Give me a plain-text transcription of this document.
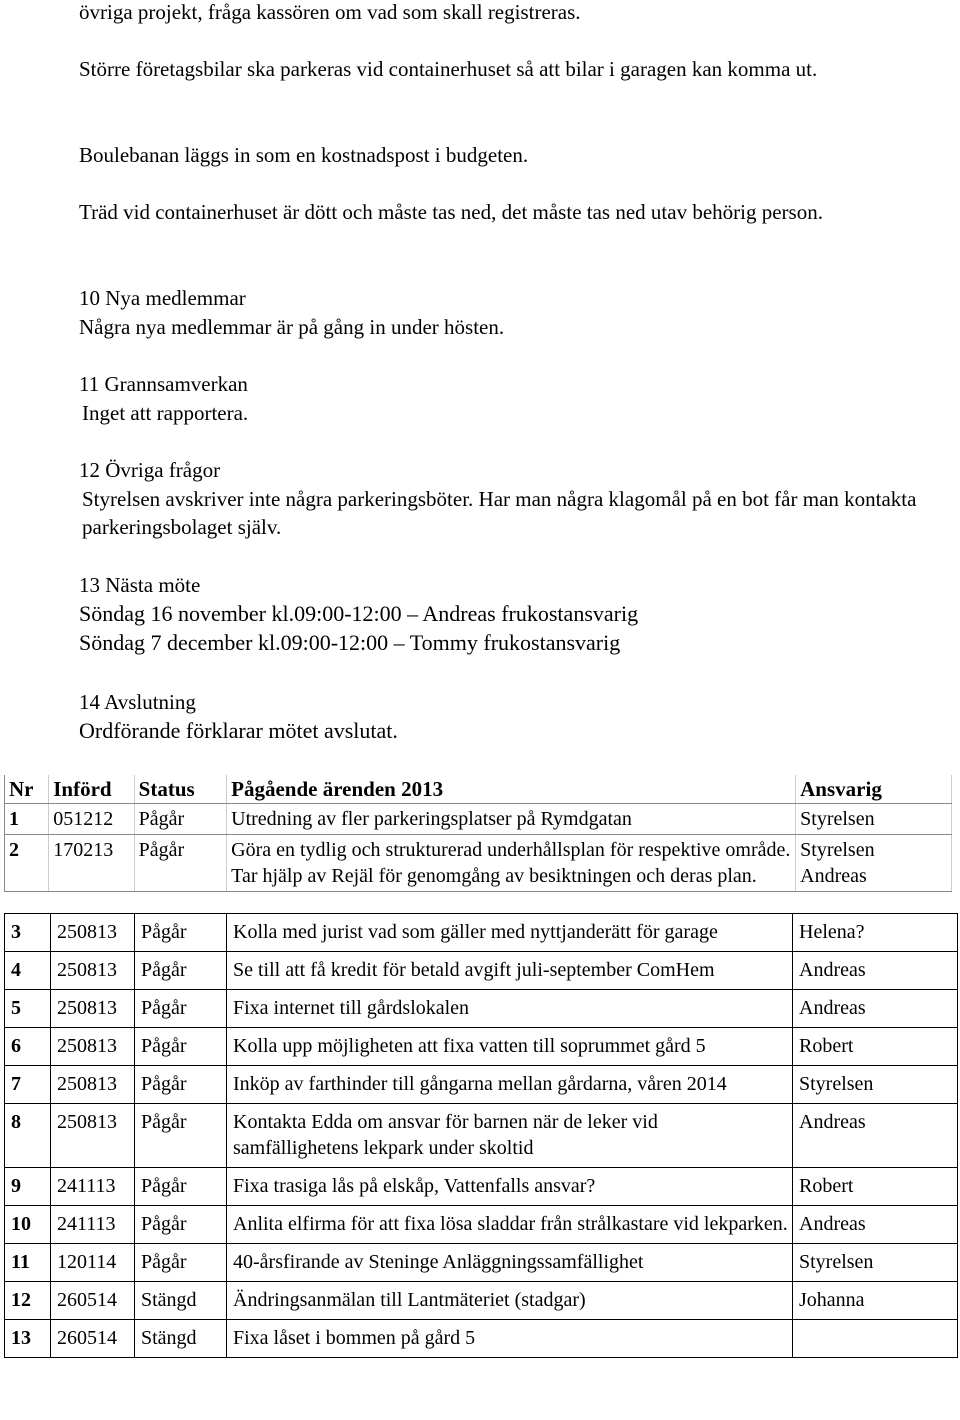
övriga projekt, fråga kassören om vad som skall registreras.
Större företagsbilar ska parkeras vid containerhuset så att bilar i garagen kan komma ut.
Boulebanan läggs in som en kostnadspost i budgeten.
Träd vid containerhuset är dött och måste tas ned, det måste tas ned utav behörig person.
10 Nya medlemmar
Några nya medlemmar är på gång in under hösten.
11 Grannsamverkan
Inget att rapportera.
12 Övriga frågor
Styrelsen avskriver inte några parkeringsböter. Har man några klagomål på en bot får man kontakta parkeringsbolaget själv.
13 Nästa möte
Söndag 16 november kl.09:00-12:00 – Andreas frukostansvarig
Söndag 7 december kl.09:00-12:00 – Tommy frukostansvarig
14 Avslutning
Ordförande förklarar mötet avslutat.
Nr	Införd	Status	Pågående ärenden 2013	Ansvarig
1	051212	Pågår	Utredning av fler parkeringsplatser på Rymdgatan	Styrelsen
2	170213	Pågår	Göra en tydlig och strukturerad underhållsplan för respektive område. Tar hjälp av Rejäl för genomgång av besiktningen och deras plan.	Styrelsen
Andreas
3	250813	Pågår	Kolla med jurist vad som gäller med nyttjanderätt för garage	Helena?
4	250813	Pågår	Se till att få kredit för betald avgift juli-september ComHem	Andreas
5	250813	Pågår	Fixa internet till gårdslokalen	Andreas
6	250813	Pågår	Kolla upp möjligheten att fixa vatten till soprummet gård 5	Robert
7	250813	Pågår	Inköp av farthinder till gångarna mellan gårdarna, våren 2014	Styrelsen
8	250813	Pågår	Kontakta Edda om ansvar för barnen när de leker vid samfällighetens lekpark under skoltid	Andreas
9	241113	Pågår	Fixa trasiga lås på elskåp, Vattenfalls ansvar?	Robert
10	241113	Pågår	Anlita elfirma för att fixa lösa sladdar från strålkastare vid lekparken.	Andreas
11	120114	Pågår	40-årsfirande av Steninge Anläggningssamfällighet	Styrelsen
12	260514	Stängd	Ändringsanmälan till Lantmäteriet (stadgar)	Johanna
13	260514	Stängd	Fixa låset i bommen på gård 5	
